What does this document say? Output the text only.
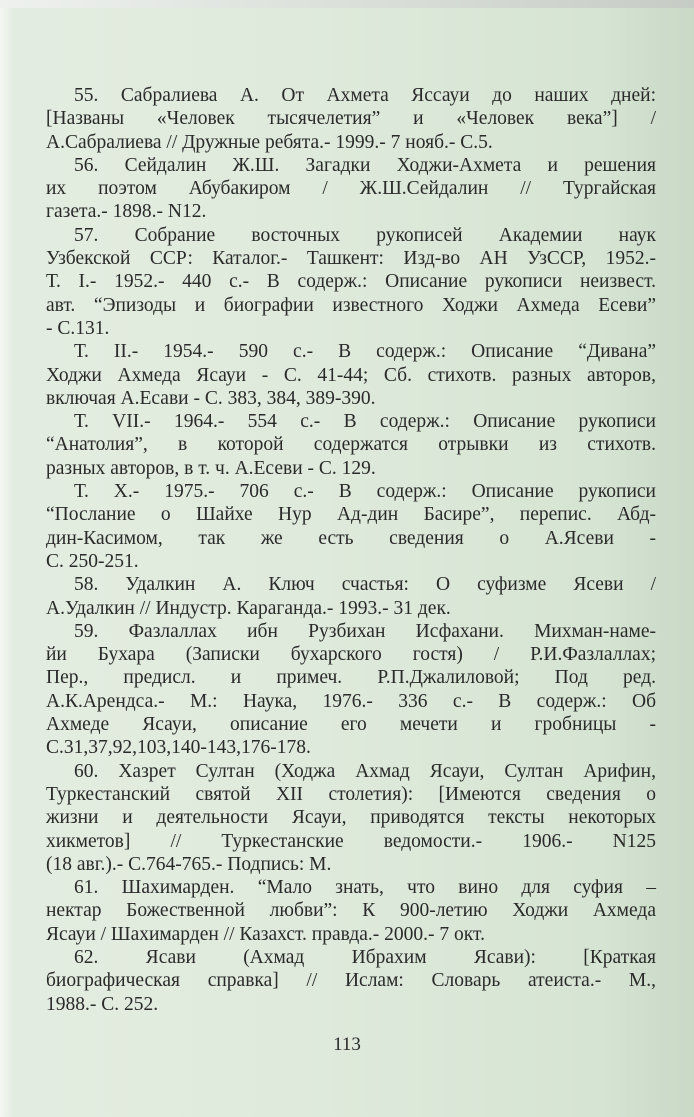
55. Сабралиева А. От Ахмета Яссауи до наших дней:
[Названы «Человек тысячелетия” и «Человек века”] /
А.Сабралиева // Дружные ребята.- 1999.- 7 нояб.- С.5.
56. Сейдалин Ж.Ш. Загадки Ходжи-Ахмета и решения
их поэтом Абубакиром / Ж.Ш.Сейдалин // Тургайская
газета.- 1898.- N12.
57. Собрание восточных рукописей Академии наук
Узбекской ССР: Каталог.- Ташкент: Изд-во АН УзССР, 1952.-
Т. I.- 1952.- 440 с.- В содерж.: Описание рукописи неизвест.
авт. “Эпизоды и биографии известного Ходжи Ахмеда Есеви”
- С.131.
Т. II.- 1954.- 590 с.- В содерж.: Описание “Дивана”
Ходжи Ахмеда Ясауи - С. 41-44; Сб. стихотв. разных авторов,
включая А.Есави - С. 383, 384, 389-390.
Т. VII.- 1964.- 554 с.- В содерж.: Описание рукописи
“Анатолия”, в которой содержатся отрывки из стихотв.
разных авторов, в т. ч. А.Есеви - С. 129.
Т. X.- 1975.- 706 с.- В содерж.: Описание рукописи
“Послание о Шайхе Нур Ад-дин Басире”, перепис. Абд-
дин-Касимом, так же есть сведения о А.Ясеви -
С. 250-251.
58. Удалкин А. Ключ счастья: О суфизме Ясеви /
А.Удалкин // Индустр. Караганда.- 1993.- 31 дек.
59. Фазлаллах ибн Рузбихан Исфахани. Михман-наме-
йи Бухара (Записки бухарского гостя) / Р.И.Фазлаллах;
Пер., предисл. и примеч. Р.П.Джалиловой; Под ред.
А.К.Арендса.- М.: Наука, 1976.- 336 с.- В содерж.: Об
Ахмеде Ясауи, описание его мечети и гробницы -
С.31,37,92,103,140-143,176-178.
60. Хазрет Султан (Ходжа Ахмад Ясауи, Султан Арифин,
Туркестанский святой XII столетия): [Имеются сведения о
жизни и деятельности Ясауи, приводятся тексты некоторых
хикметов] // Туркестанские ведомости.- 1906.- N125
(18 авг.).- С.764-765.- Подпись: М.
61. Шахимарден. “Мало знать, что вино для суфия –
нектар Божественной любви”: К 900-летию Ходжи Ахмеда
Ясауи / Шахимарден // Казахст. правда.- 2000.- 7 окт.
62. Ясави (Ахмад Ибрахим Ясави): [Краткая
биографическая справка] // Ислам: Словарь атеиста.- М.,
1988.- С. 252.
113
